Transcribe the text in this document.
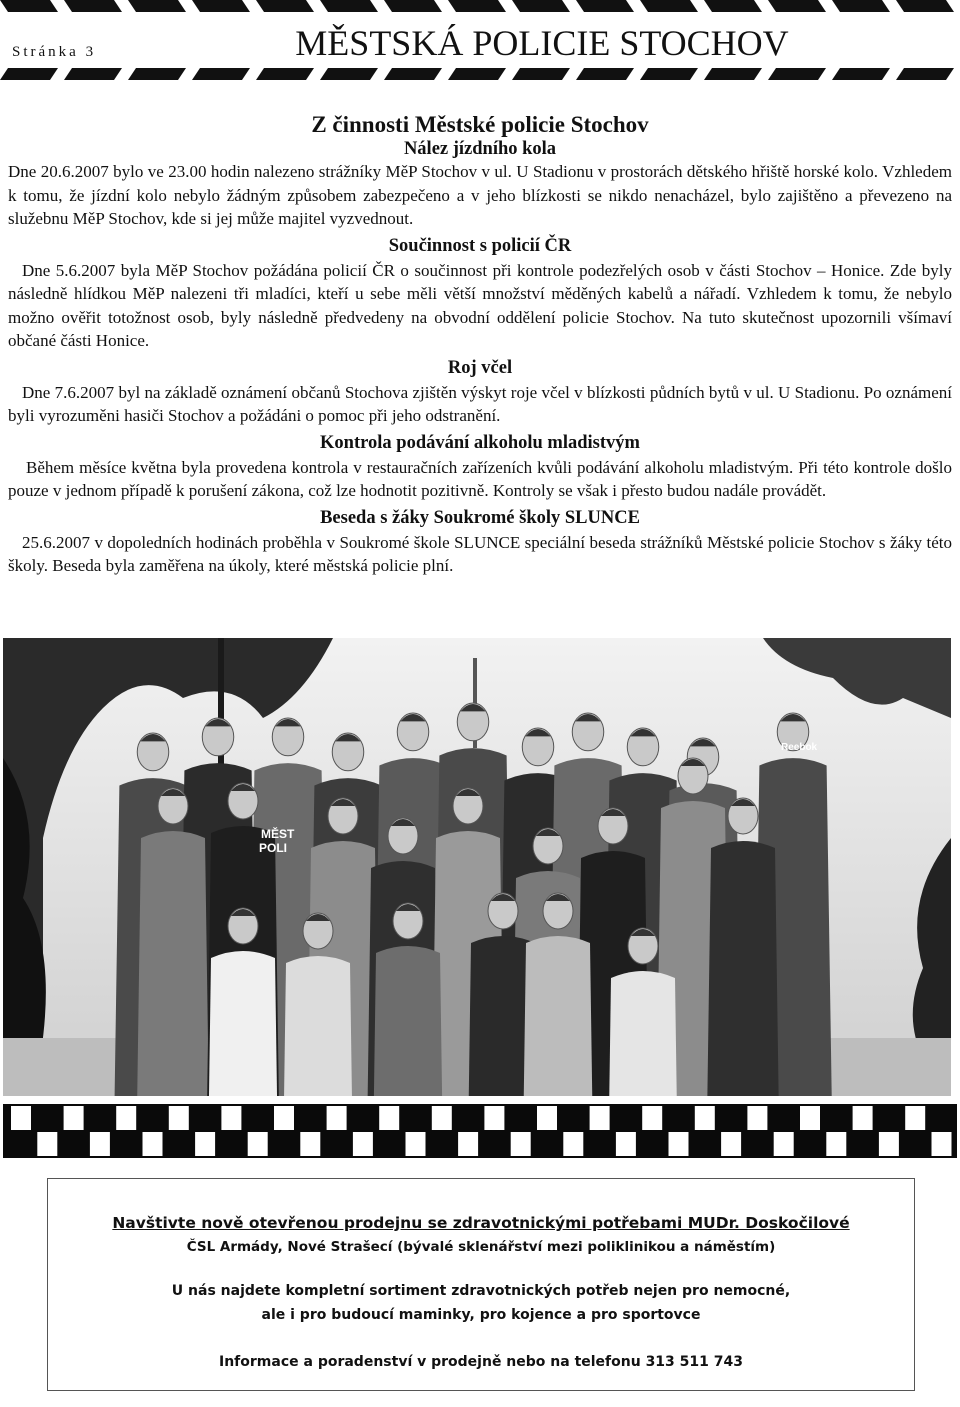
Stránka 3	MĚSTSKÁ POLICIE STOCHOV
Z činnosti Městské policie Stochov
Nález jízdního kola

Dne 20.6.2007 bylo ve 23.00 hodin nalezeno strážníky MěP Stochov v ul. U Stadionu v prostorách dětského hřiště horské kolo. Vzhledem k tomu, že jízdní kolo nebylo žádným způsobem zabezpečeno a v jeho blízkosti se nikdo nenacházel, bylo zajištěno a převezeno na služebnu MěP Stochov, kde si jej může majitel vyzvednout.

Součinnost s policií ČR

Dne 5.6.2007 byla MěP Stochov požádána policií ČR o součinnost při kontrole podezřelých osob v části Stochov – Honice. Zde byly následně hlídkou MěP nalezeni tři mladíci, kteří u sebe měli větší množství měděných kabelů a nářadí. Vzhledem k tomu, že nebylo možno ověřit totožnost osob, byly následně předvedeny na obvodní oddělení policie Stochov. Na tuto skutečnost upozornili všímaví občané části Honice.

Roj včel

Dne 7.6.2007 byl na základě oznámení občanů Stochova zjištěn výskyt roje včel v blízkosti půdních bytů v ul. U Stadionu. Po oznámení byli vyrozuměni hasiči Stochov a požádáni o pomoc při jeho odstranění.

Kontrola podávání alkoholu mladistvým

Během měsíce května byla provedena kontrola v restauračních zařízeních kvůli podávání alkoholu mladistvým. Při této kontrole došlo pouze v jednom případě k porušení zákona, což lze hodnotit pozitivně. Kontroly se však i přesto budou nadále provádět.

Beseda s žáky Soukromé školy SLUNCE

25.6.2007 v dopoledních hodinách proběhla v Soukromé škole SLUNCE speciální beseda strážníků Městské policie Stochov s žáky této školy. Beseda byla zaměřena na úkoly, které městská policie plní.

MĚST
POLI
Reebok
Navštivte nově otevřenou prodejnu se zdravotnickými potřebami MUDr. Doskočilové
ČSL Armády, Nové Strašecí (bývalé sklenářství mezi poliklinikou a náměstím)
U nás najdete kompletní sortiment zdravotnických potřeb nejen pro nemocné,
ale i pro budoucí maminky, pro kojence a pro sportovce
Informace a poradenství v prodejně nebo na telefonu 313 511 743
